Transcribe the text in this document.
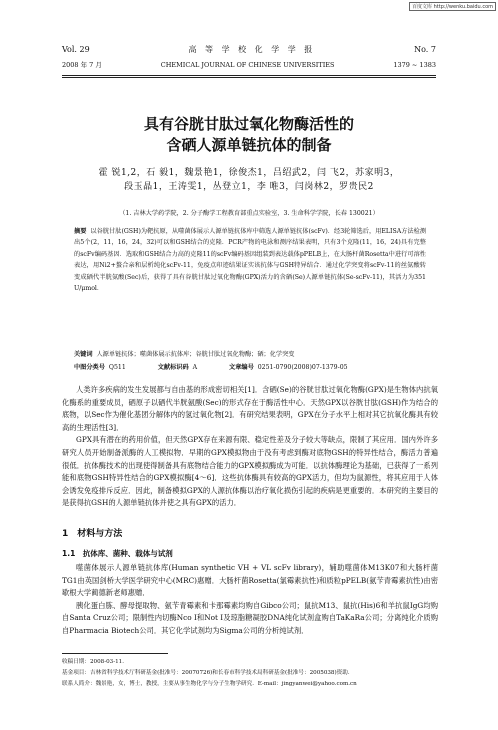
百度文库 http://wenku.baidu.com
Vol. 29	高 等 学 校 化 学 学 报	No. 7
2008 年 7 月	CHEMICAL JOURNAL OF CHINESE UNIVERSITIES	1379 ~ 1383
具有谷胱甘肽过氧化物酶活性的
含硒人源单链抗体的制备
霍 锐1,2，石 毅1，魏景艳1，徐俊杰1，吕绍武2，闫 飞2，苏家明3，
段玉晶1，王涛雯1，丛登立1，李 唯3，闫岗林2，罗贵民2
（1. 吉林大学药学院，2. 分子酶学工程教育部重点实验室，3. 生命科学学院，长春 130021）
摘要 以谷胱甘肽(GSH)为靶抗原，从噬菌体展示人源单链抗体库中筛选人源单链抗体(scFv)．经3轮筛选后，用ELISA方法检测出5个(2，11，16，24，32)可以和GSH结合的克隆．PCR产物的电泳和测序结果表明，只有3个克隆(11，16，24)具有完整的scFv编码基因．选取和GSH结合力高的克隆11的scFv编码基因组装到表达载体pPELB上，在大肠杆菌Rosetta中进行可溶性表达，用Ni2+螯合亲和层析纯化scFv-11，免疫点印迹结果证实该抗体与GSH特异结合．通过化学突变将scFv-11的丝氨酸转变成硒代半胱氨酸(Sec)后，获得了具有谷胱甘肽过氧化物酶(GPX)活力的含硒(Se)人源单链抗体(Se-scFv-11)，其活力为351 U/μmol．
关键词 人源单链抗体；噬菌体展示抗体库；谷胱甘肽过氧化物酶；硒；化学突变
中图分类号 Q511	文献标识码 A	文章编号 0251-0790(2008)07-1379-05

人类许多疾病的发生发展都与自由基的形成密切相关[1]．含硒(Se)的谷胱甘肽过氧化物酶(GPX)是生物体内抗氧化酶系的重要成员，硒原子以硒代半胱氨酸(Sec)的形式存在于酶活性中心．天然GPX以谷胱甘肽(GSH)作为结合的底物，以Sec作为催化基团分解体内的氢过氧化物[2]．有研究结果表明，GPX在分子水平上相对其它抗氧化酶具有较高的生理活性[3]．

GPX具有潜在的药用价值，但天然GPX存在来源有限、稳定性差及分子较大等缺点，限制了其应用．国内外许多研究人员开始制备派酶的人工模拟物．早期的GPX模拟物由于没有考虑到酶对底物GSH的特异性结合，酶活力普遍很低．抗体酶技术的出现使得制备具有底物结合能力的GPX模拟酶成为可能．以抗体酶理论为基础，已获得了一系列能和底物GSH特异性结合的GPX模拟酶[4～6]．这些抗体酶具有较高的GPX活力，但均为鼠源性，将其应用于人体会诱发免疫排斥反应．因此，制备模拟GPX的人源抗体酶以治疗氧化损伤引起的疾病是更重要的．本研究的主要目的是获得抗GSH的人源单链抗体并使之具有GPX的活力．

1　材料与方法
1.1　抗体库、菌种、载体与试剂

噬菌体展示人源单链抗体库(Human synthetic VH + VL scFv library)，辅助噬菌体M13K07和大肠杆菌TG1由英国剑桥大学医学研究中心(MRC)惠赠．大肠杆菌Rosetta(氯霉素抗性)和质粒pPELB(氨苄青霉素抗性)由密歇根大学蔺德新老师惠赠．

胰化蛋白胨、酵母提取物、氨苄青霉素和卡那霉素均购自Gibco公司；鼠抗M13、鼠抗(His)6和羊抗鼠IgG均购自Santa Cruz公司；限制性内切酶Nco I和Not I及琼脂糖凝胶DNA纯化试剂盒购自TaKaRa公司；分离纯化介质购自Pharmacia Biotech公司．其它化学试剂均为Sigma公司的分析纯试剂．

收稿日期：2008-03-11．
基金项目：吉林省科学技术厅科研基金(批准号：20070726)和长春市科学技术局科研基金(批准号：2005038)资助．
联系人简介：魏景艳，女，博士，教授，主要从事生物化学与分子生物学研究．E-mail：jingyanwei@yahoo.com.cn
